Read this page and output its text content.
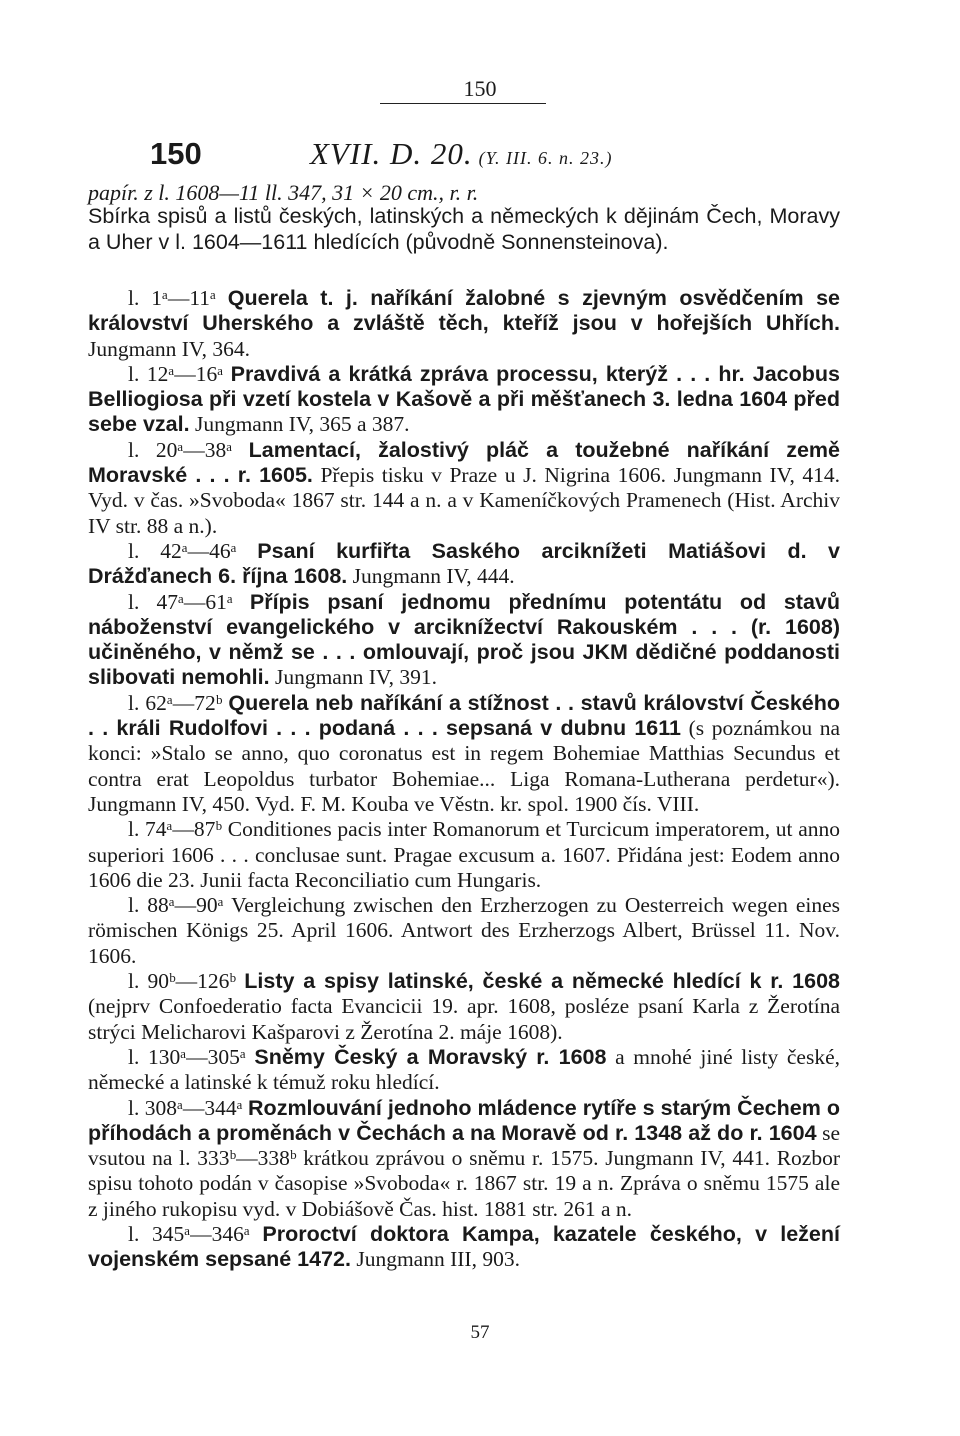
150
150	XVII. D. 20. (Y. III. 6. n. 23.)
papír. z l. 1608—11 ll. 347, 31 × 20 cm., r. r.
Sbírka spisů a listů českých, latinských a německých k dějinám Čech, Moravy a Uher v l. 1604—1611 hledících (původně Sonnensteinova).

l. 1ᵃ—11ᵃ Querela t. j. naříkání žalobné s zjevným osvědčením se království Uherského a zvláště těch, kteříž jsou v hořejších Uhřích. Jungmann IV, 364.

l. 12ᵃ—16ᵃ Pravdivá a krátká zpráva processu, kterýž . . . hr. Jacobus Belliogiosa při vzetí kostela v Kašově a při měšťanech 3. ledna 1604 před sebe vzal. Jungmann IV, 365 a 387.

l. 20ᵃ—38ᵃ Lamentací, žalostivý pláč a toužebné naříkání země Moravské . . . r. 1605. Přepis tisku v Praze u J. Nigrina 1606. Jungmann IV, 414. Vyd. v čas. »Svoboda« 1867 str. 144 a n. a v Kameníčkových Pramenech (Hist. Archiv IV str. 88 a n.).

l. 42ᵃ—46ᵃ Psaní kurfiřta Saského arciknížeti Matiášovi d. v Drážďanech 6. října 1608. Jungmann IV, 444.

l. 47ᵃ—61ᵃ Přípis psaní jednomu přednímu potentátu od stavů náboženství evangelického v arciknížectví Rakouském . . . (r. 1608) učiněného, v němž se . . . omlouvají, proč jsou JKM dědičné poddanosti slibovati nemohli. Jungmann IV, 391.

l. 62ᵃ—72ᵇ Querela neb naříkání a stížnost . . stavů království Českého . . králi Rudolfovi . . . podaná . . . sepsaná v dubnu 1611 (s poznámkou na konci: »Stalo se anno, quo coronatus est in regem Bohemiae Matthias Secundus et contra erat Leopoldus turbator Bohemiae... Liga Romana-Lutherana perdetur«). Jungmann IV, 450. Vyd. F. M. Kouba ve Věstn. kr. spol. 1900 čís. VIII.

l. 74ᵃ—87ᵇ Conditiones pacis inter Romanorum et Turcicum imperatorem, ut anno superiori 1606 . . . conclusae sunt. Pragae excusum a. 1607. Přidána jest: Eodem anno 1606 die 23. Junii facta Reconciliatio cum Hungaris.

l. 88ᵃ—90ᵃ Vergleichung zwischen den Erzherzogen zu Oesterreich wegen eines römischen Königs 25. April 1606. Antwort des Erzherzogs Albert, Brüssel 11. Nov. 1606.

l. 90ᵇ—126ᵇ Listy a spisy latinské, české a německé hledící k r. 1608 (nejprv Confoederatio facta Evancicii 19. apr. 1608, posléze psaní Karla z Žerotína strýci Melicharovi Kašparovi z Žerotína 2. máje 1608).

l. 130ᵃ—305ᵃ Sněmy Český a Moravský r. 1608 a mnohé jiné listy české, německé a latinské k témuž roku hledící.

l. 308ᵃ—344ᵃ Rozmlouvání jednoho mládence rytíře s starým Čechem o příhodách a proměnách v Čechách a na Moravě od r. 1348 až do r. 1604 se vsutou na l. 333ᵇ—338ᵇ krátkou zprávou o sněmu r. 1575. Jungmann IV, 441. Rozbor spisu tohoto podán v časopise »Svoboda« r. 1867 str. 19 a n. Zpráva o sněmu 1575 ale z jiného rukopisu vyd. v Dobiášově Čas. hist. 1881 str. 261 a n.

l. 345ᵃ—346ᵃ Proroctví doktora Kampa, kazatele českého, v ležení vojenském sepsané 1472. Jungmann III, 903.

57
